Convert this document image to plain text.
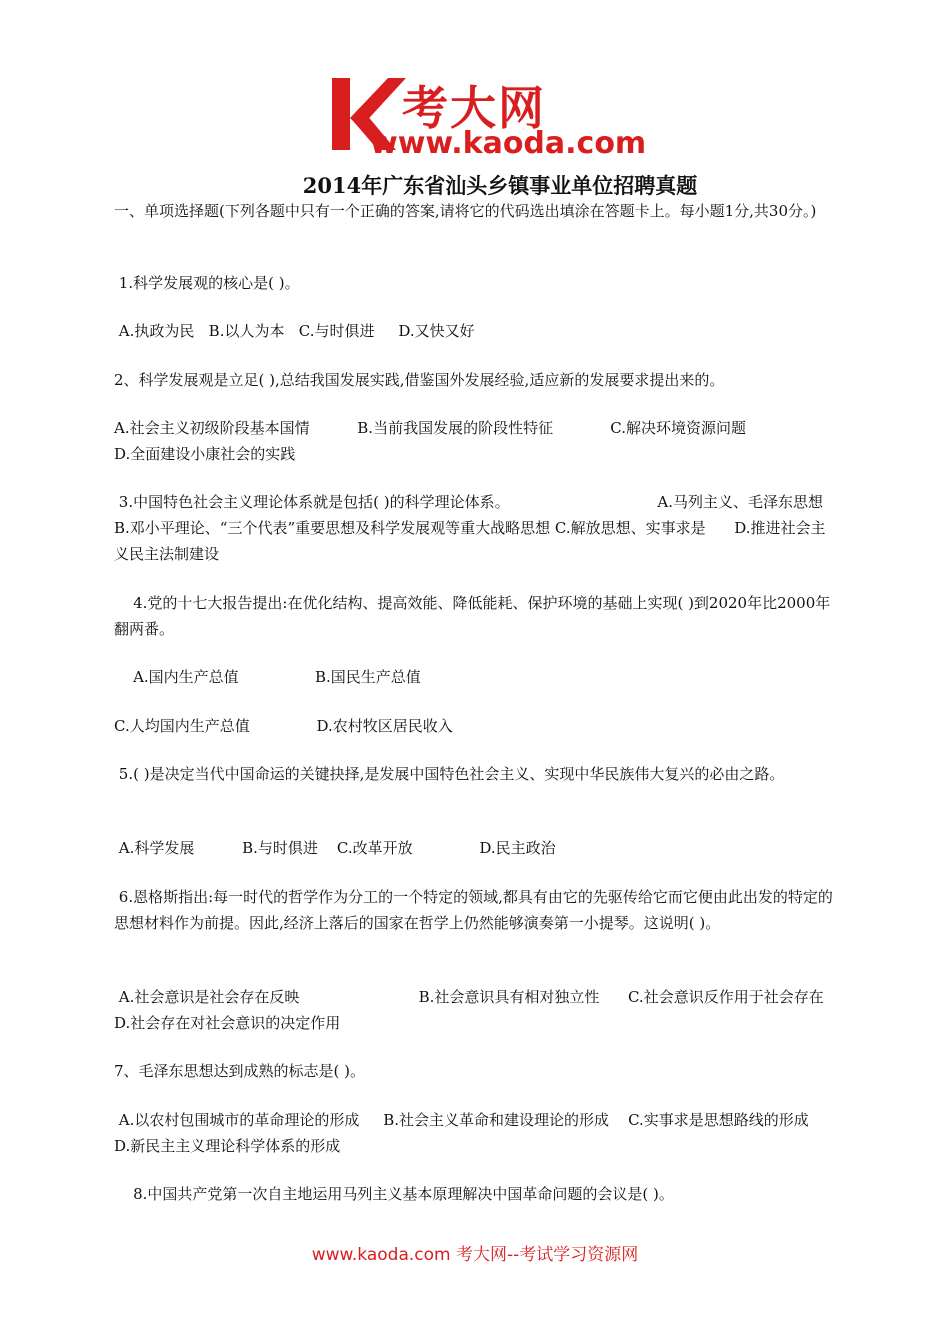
考大网
www.kaoda.com
2014年广东省汕头乡镇事业单位招聘真题

一、单项选择题(下列各题中只有一个正确的答案,请将它的代码选出填涂在答题卡上。每小题1分,共30分。)

1.科学发展观的核心是( )。

A.执政为民   B.以人为本   C.与时俱进     D.又快又好

2、科学发展观是立足( ),总结我国发展实践,借鉴国外发展经验,适应新的发展要求提出来的。

A.社会主义初级阶段基本国情          B.当前我国发展的阶段性特征            C.解决环境资源问题                       D.全面建设小康社会的实践

3.中国特色社会主义理论体系就是包括( )的科学理论体系。                               A.马列主义、毛泽东思想      B.邓小平理论、“三个代表”重要思想及科学发展观等重大战略思想 C.解放思想、实事求是      D.推进社会主义民主法制建设

4.党的十七大报告提出:在优化结构、提高效能、降低能耗、保护环境的基础上实现( )到2020年比2000年翻两番。

A.国内生产总值                B.国民生产总值

C.人均国内生产总值              D.农村牧区居民收入

5.( )是决定当代中国命运的关键抉择,是发展中国特色社会主义、实现中华民族伟大复兴的必由之路。

A.科学发展          B.与时俱进    C.改革开放              D.民主政治

6.恩格斯指出:每一时代的哲学作为分工的一个特定的领域,都具有由它的先驱传给它而它便由此出发的特定的思想材料作为前提。因此,经济上落后的国家在哲学上仍然能够演奏第一小提琴。这说明( )。

A.社会意识是社会存在反映                         B.社会意识具有相对独立性      C.社会意识反作用于社会存在              D.社会存在对社会意识的决定作用

7、毛泽东思想达到成熟的标志是( )。

A.以农村包围城市的革命理论的形成     B.社会主义革命和建设理论的形成    C.实事求是思想路线的形成              D.新民主主义理论科学体系的形成

8.中国共产党第一次自主地运用马列主义基本原理解决中国革命问题的会议是( )。

www.kaoda.com 考大网--考试学习资源网
